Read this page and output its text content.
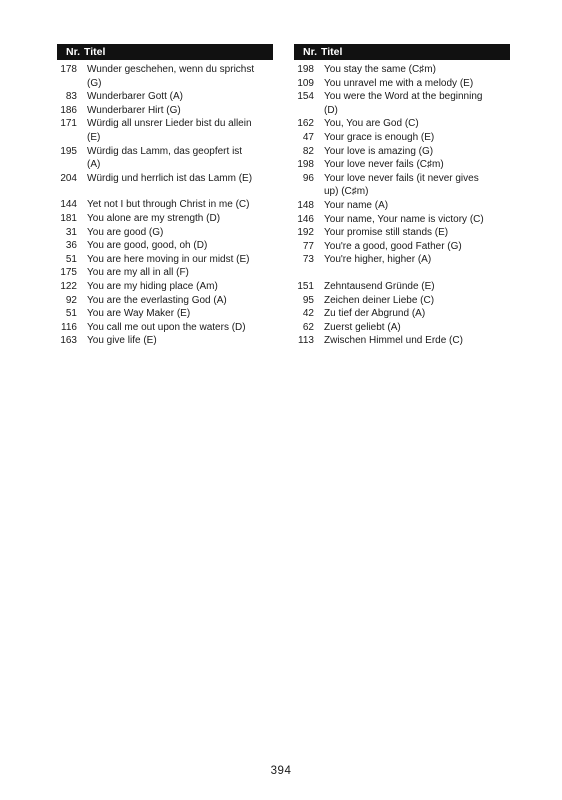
Nr. Titel
178 Wunder geschehen, wenn du sprichst
(G)
83 Wunderbarer Gott (A)
186 Wunderbarer Hirt (G)
171 Würdig all unsrer Lieder bist du allein
(E)
195 Würdig das Lamm, das geopfert ist
(A)
204 Würdig und herrlich ist das Lamm (E)
144 Yet not I but through Christ in me (C)
181 You alone are my strength (D)
31 You are good (G)
36 You are good, good, oh (D)
51 You are here moving in our midst (E)
175 You are my all in all (F)
122 You are my hiding place (Am)
92 You are the everlasting God (A)
51 You are Way Maker (E)
116 You call me out upon the waters (D)
163 You give life (E)
Nr. Titel
198 You stay the same (C♯m)
109 You unravel me with a melody (E)
154 You were the Word at the beginning
(D)
162 You, You are God (C)
47 Your grace is enough (E)
82 Your love is amazing (G)
198 Your love never fails (C♯m)
96 Your love never fails (it never gives
up) (C♯m)
148 Your name (A)
146 Your name, Your name is victory (C)
192 Your promise still stands (E)
77 You're a good, good Father (G)
73 You're higher, higher (A)
151 Zehntausend Gründe (E)
95 Zeichen deiner Liebe (C)
42 Zu tief der Abgrund (A)
62 Zuerst geliebt (A)
113 Zwischen Himmel und Erde (C)
394
